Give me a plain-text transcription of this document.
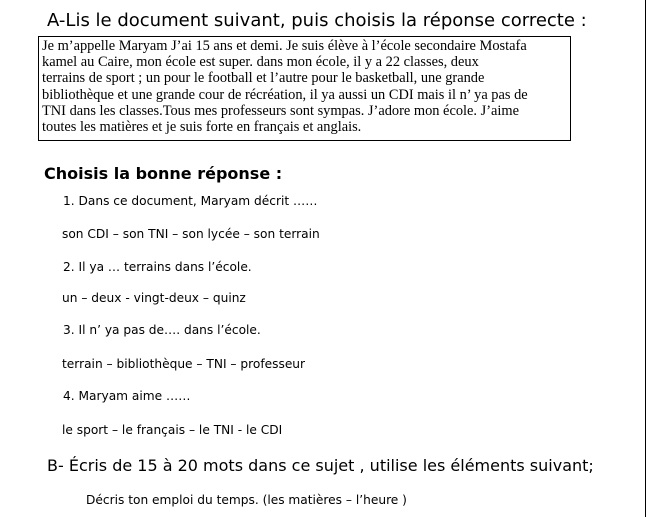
A-Lis le document suivant, puis choisis la réponse correcte :
Je m’appelle Maryam J’ai 15 ans et demi. Je suis élève à l’école secondaire Mostafa
kamel au Caire, mon école est super. dans mon école, il y a 22 classes, deux
terrains de sport ; un pour le football et l’autre pour le basketball, une grande
bibliothèque et une grande cour de récréation, il ya aussi un CDI mais il n’ ya pas de
TNI dans les classes.Tous mes professeurs sont sympas. J’adore mon école. J’aime
toutes les matières et je suis forte en français et anglais.
Choisis la bonne réponse :
1. Dans ce document, Maryam décrit ……
son CDI – son TNI – son lycée – son terrain
2. Il ya … terrains dans l’école.
un – deux - vingt-deux – quinz
3. Il n’ ya pas de…. dans l’école.
terrain – bibliothèque – TNI – professeur
4. Maryam aime ……
le sport – le français – le TNI - le CDI
B- Écris de 15 à 20 mots dans ce sujet , utilise les éléments suivant;
Décris ton emploi du temps. (les matières – l’heure )
